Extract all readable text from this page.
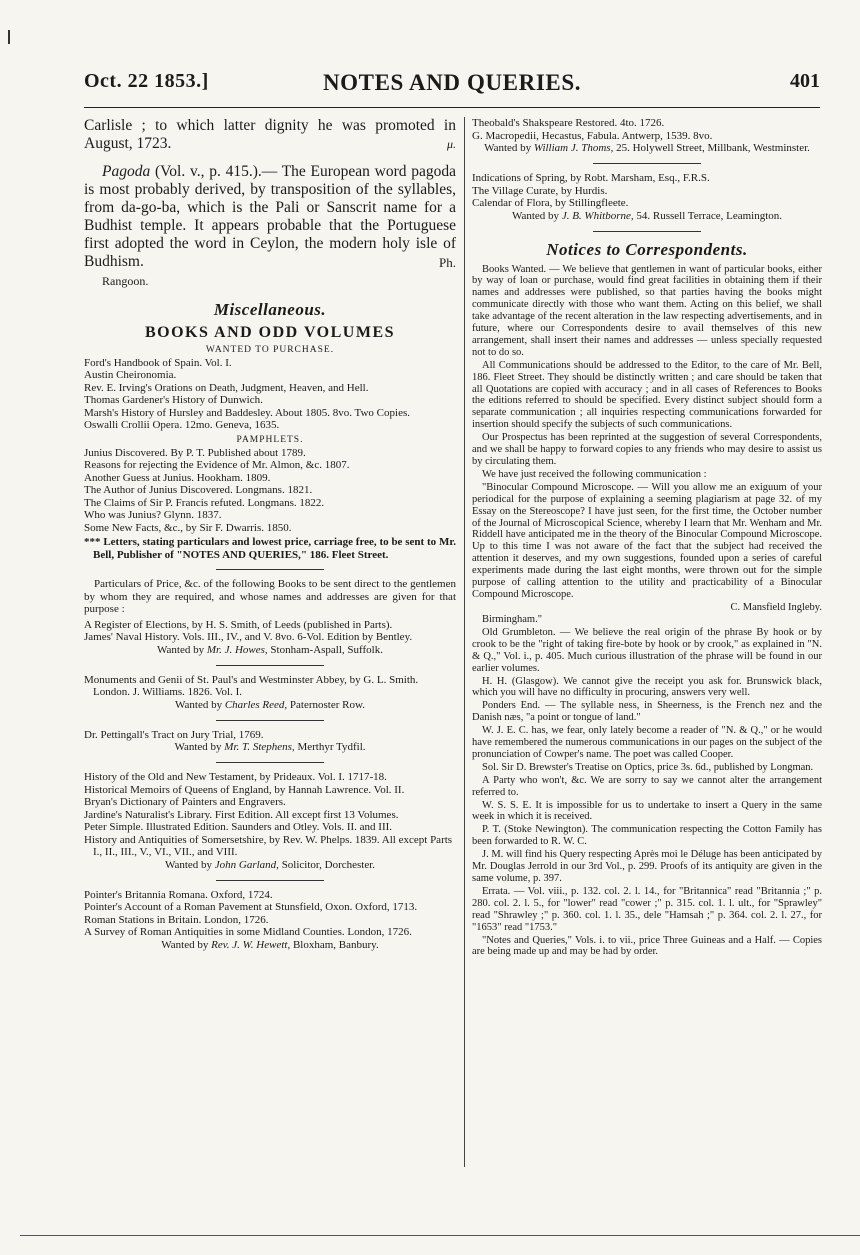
Oct. 22 1853.]	NOTES AND QUERIES.	401

Carlisle ; to which latter dignity he was promoted in August, 1723.	μ.

Pagoda (Vol. v., p. 415.).— The European word pagoda is most probably derived, by transposition of the syllables, from da-go-ba, which is the Pali or Sanscrit name for a Budhist temple. It appears probable that the Portuguese first adopted the word in Ceylon, the modern holy isle of Budhism.	Ph.

Rangoon.

Miscellaneous.

BOOKS AND ODD VOLUMES

WANTED TO PURCHASE.

Ford's Handbook of Spain. Vol. I.

Austin Cheironomia.

Rev. E. Irving's Orations on Death, Judgment, Heaven, and Hell.

Thomas Gardener's History of Dunwich.

Marsh's History of Hursley and Baddesley. About 1805. 8vo. Two Copies.

Oswalli Crollii Opera. 12mo. Geneva, 1635.

PAMPHLETS.

Junius Discovered. By P. T. Published about 1789.

Reasons for rejecting the Evidence of Mr. Almon, &c. 1807.

Another Guess at Junius. Hookham. 1809.

The Author of Junius Discovered. Longmans. 1821.

The Claims of Sir P. Francis refuted. Longmans. 1822.

Who was Junius? Glynn. 1837.

Some New Facts, &c., by Sir F. Dwarris. 1850.

*** Letters, stating particulars and lowest price, carriage free, to be sent to Mr. Bell, Publisher of "NOTES AND QUERIES," 186. Fleet Street.

Particulars of Price, &c. of the following Books to be sent direct to the gentlemen by whom they are required, and whose names and addresses are given for that purpose :

A Register of Elections, by H. S. Smith, of Leeds (published in Parts).

James' Naval History. Vols. III., IV., and V. 8vo. 6-Vol. Edition by Bentley.

Wanted by Mr. J. Howes, Stonham-Aspall, Suffolk.

Monuments and Genii of St. Paul's and Westminster Abbey, by G. L. Smith. London. J. Williams. 1826. Vol. I.

Wanted by Charles Reed, Paternoster Row.

Dr. Pettingall's Tract on Jury Trial, 1769.

Wanted by Mr. T. Stephens, Merthyr Tydfil.

History of the Old and New Testament, by Prideaux. Vol. I. 1717-18.

Historical Memoirs of Queens of England, by Hannah Lawrence. Vol. II.

Bryan's Dictionary of Painters and Engravers.

Jardine's Naturalist's Library. First Edition. All except first 13 Volumes.

Peter Simple. Illustrated Edition. Saunders and Otley. Vols. II. and III.

History and Antiquities of Somersetshire, by Rev. W. Phelps. 1839. All except Parts I., II., III., V., VI., VII., and VIII.

Wanted by John Garland, Solicitor, Dorchester.

Pointer's Britannia Romana. Oxford, 1724.

Pointer's Account of a Roman Pavement at Stunsfield, Oxon. Oxford, 1713.

Roman Stations in Britain. London, 1726.

A Survey of Roman Antiquities in some Midland Counties. London, 1726.

Wanted by Rev. J. W. Hewett, Bloxham, Banbury.

Theobald's Shakspeare Restored. 4to. 1726.

G. Macropedii, Hecastus, Fabula. Antwerp, 1539. 8vo.

Wanted by William J. Thoms, 25. Holywell Street, Millbank, Westminster.

Indications of Spring, by Robt. Marsham, Esq., F.R.S.

The Village Curate, by Hurdis.

Calendar of Flora, by Stillingfleete.

Wanted by J. B. Whitborne, 54. Russell Terrace, Leamington.

Notices to Correspondents.

Books Wanted. — We believe that gentlemen in want of particular books, either by way of loan or purchase, would find great facilities in obtaining them if their names and addresses were published, so that parties having the books might communicate directly with those who want them. Acting on this belief, we shall take advantage of the recent alteration in the law respecting advertisements, and in future, where our Correspondents desire to avail themselves of this new arrangement, shall insert their names and addresses — unless specially requested not to do so.

All Communications should be addressed to the Editor, to the care of Mr. Bell, 186. Fleet Street. They should be distinctly written ; and care should be taken that all Quotations are copied with accuracy ; and in all cases of References to Books the editions referred to should be specified. Every distinct subject should form a separate communication ; all inquiries respecting communications forwarded for insertion should specify the subjects of such communications.

Our Prospectus has been reprinted at the suggestion of several Correspondents, and we shall be happy to forward copies to any friends who may desire to assist us by circulating them.

We have just received the following communication :

"Binocular Compound Microscope. — Will you allow me an exiguum of your periodical for the purpose of explaining a seeming plagiarism at page 32. of my Essay on the Stereoscope? I have just seen, for the first time, the October number of the Journal of Microscopical Science, whereby I learn that Mr. Wenham and Mr. Riddell have anticipated me in the theory of the Binocular Compound Microscope. Up to this time I was not aware of the fact that the subject had received the attention it deserves, and my own suggestions, founded upon a series of careful experiments made during the last eight months, were thrown out for the simple purpose of calling attention to the utility and practicability of a Binocular Compound Microscope.

C. Mansfield Ingleby.

Birmingham."

Old Grumbleton. — We believe the real origin of the phrase By hook or by crook to be the "right of taking fire-bote by hook or by crook," as explained in "N. & Q.," Vol. i., p. 405. Much curious illustration of the phrase will be found in our earlier volumes.

H. H. (Glasgow). We cannot give the receipt you ask for. Brunswick black, which you will have no difficulty in procuring, answers very well.

Ponders End. — The syllable ness, in Sheerness, is the French nez and the Danish næs, "a point or tongue of land."

W. J. E. C. has, we fear, only lately become a reader of "N. & Q.," or he would have remembered the numerous communications in our pages on the subject of the pronunciation of Cowper's name. The poet was called Cooper.

Sol. Sir D. Brewster's Treatise on Optics, price 3s. 6d., published by Longman.

A Party who won't, &c. We are sorry to say we cannot alter the arrangement referred to.

W. S. S. E. It is impossible for us to undertake to insert a Query in the same week in which it is received.

P. T. (Stoke Newington). The communication respecting the Cotton Family has been forwarded to R. W. C.

J. M. will find his Query respecting Après moi le Déluge has been anticipated by Mr. Douglas Jerrold in our 3rd Vol., p. 299. Proofs of its antiquity are given in the same volume, p. 397.

Errata. — Vol. viii., p. 132. col. 2. l. 14., for "Britannica" read "Britannia ;" p. 280. col. 2. l. 5., for "lower" read "cower ;" p. 315. col. 1. l. ult., for "Sprawley" read "Shrawley ;" p. 360. col. 1. l. 35., dele "Hamsah ;" p. 364. col. 2. l. 27., for "1653" read "1753."

"Notes and Queries," Vols. i. to vii., price Three Guineas and a Half. — Copies are being made up and may be had by order.
